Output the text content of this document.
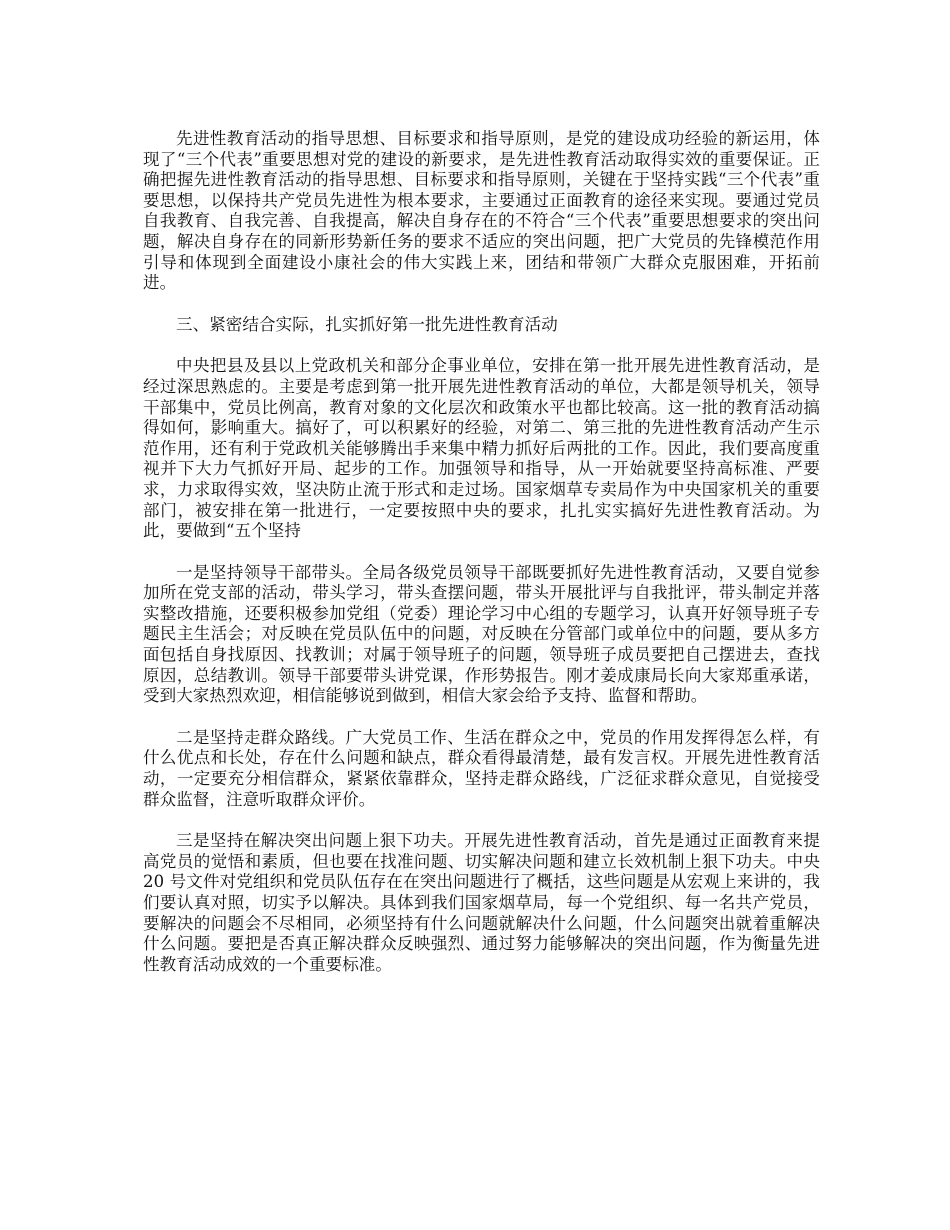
先进性教育活动的指导思想、目标要求和指导原则，是党的建设成功经验的新运用，体现了“三个代表”重要思想对党的建设的新要求，是先进性教育活动取得实效的重要保证。正确把握先进性教育活动的指导思想、目标要求和指导原则，关键在于坚持实践“三个代表”重要思想，以保持共产党员先进性为根本要求，主要通过正面教育的途径来实现。要通过党员自我教育、自我完善、自我提高，解决自身存在的不符合“三个代表”重要思想要求的突出问题，解决自身存在的同新形势新任务的要求不适应的突出问题，把广大党员的先锋模范作用引导和体现到全面建设小康社会的伟大实践上来，团结和带领广大群众克服困难，开拓前进。

三、紧密结合实际，扎实抓好第一批先进性教育活动

中央把县及县以上党政机关和部分企事业单位，安排在第一批开展先进性教育活动，是经过深思熟虑的。主要是考虑到第一批开展先进性教育活动的单位，大都是领导机关，领导干部集中，党员比例高，教育对象的文化层次和政策水平也都比较高。这一批的教育活动搞得如何，影响重大。搞好了，可以积累好的经验，对第二、第三批的先进性教育活动产生示范作用，还有利于党政机关能够腾出手来集中精力抓好后两批的工作。因此，我们要高度重视并下大力气抓好开局、起步的工作。加强领导和指导，从一开始就要坚持高标准、严要求，力求取得实效，坚决防止流于形式和走过场。国家烟草专卖局作为中央国家机关的重要部门，被安排在第一批进行，一定要按照中央的要求，扎扎实实搞好先进性教育活动。为此，要做到“五个坚持

一是坚持领导干部带头。全局各级党员领导干部既要抓好先进性教育活动，又要自觉参加所在党支部的活动，带头学习，带头查摆问题，带头开展批评与自我批评，带头制定并落实整改措施，还要积极参加党组（党委）理论学习中心组的专题学习，认真开好领导班子专题民主生活会；对反映在党员队伍中的问题，对反映在分管部门或单位中的问题，要从多方面包括自身找原因、找教训；对属于领导班子的问题，领导班子成员要把自己摆进去，查找原因，总结教训。领导干部要带头讲党课，作形势报告。刚才姜成康局长向大家郑重承诺，受到大家热烈欢迎，相信能够说到做到，相信大家会给予支持、监督和帮助。

二是坚持走群众路线。广大党员工作、生活在群众之中，党员的作用发挥得怎么样，有什么优点和长处，存在什么问题和缺点，群众看得最清楚，最有发言权。开展先进性教育活动，一定要充分相信群众，紧紧依靠群众，坚持走群众路线，广泛征求群众意见，自觉接受群众监督，注意听取群众评价。

三是坚持在解决突出问题上狠下功夫。开展先进性教育活动，首先是通过正面教育来提高党员的觉悟和素质，但也要在找准问题、切实解决问题和建立长效机制上狠下功夫。中央 20 号文件对党组织和党员队伍存在在突出问题进行了概括，这些问题是从宏观上来讲的，我们要认真对照，切实予以解决。具体到我们国家烟草局，每一个党组织、每一名共产党员，要解决的问题会不尽相同，必须坚持有什么问题就解决什么问题，什么问题突出就着重解决什么问题。要把是否真正解决群众反映强烈、通过努力能够解决的突出问题，作为衡量先进性教育活动成效的一个重要标准。
